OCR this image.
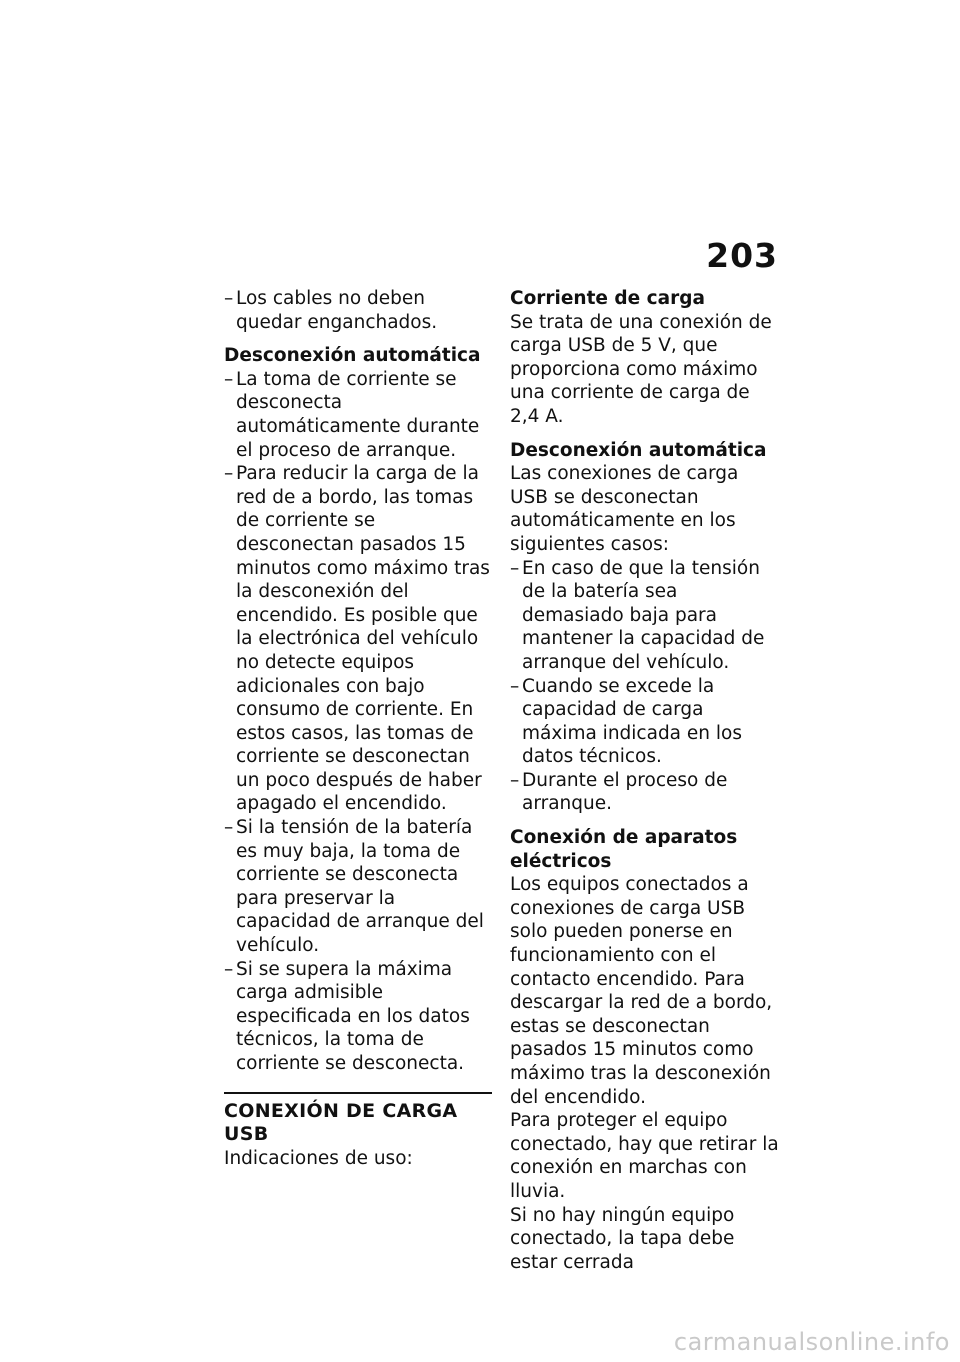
203
– Los cables no deben quedar enganchados.
Desconexión automática
– La toma de corriente se desconecta automáticamente durante el proceso de arranque.
– Para reducir la carga de la red de a bordo, las tomas de corriente se desconectan pasados 15 minutos como máximo tras la desconexión del encendido. Es posible que la electrónica del vehículo no detecte equipos adicionales con bajo consumo de corriente. En estos casos, las tomas de corriente se desconectan un poco después de haber apagado el encendido.
– Si la tensión de la batería es muy baja, la toma de corriente se desconecta para preservar la capacidad de arranque del vehículo.
– Si se supera la máxima carga admisible especificada en los datos técnicos, la toma de corriente se desconecta.
CONEXIÓN DE CARGA USB
Indicaciones de uso:
Corriente de carga
Se trata de una conexión de carga USB de 5 V, que proporciona como máximo una corriente de carga de 2,4 A.
Desconexión automática
Las conexiones de carga USB se desconectan automáticamente en los siguientes casos:
– En caso de que la tensión de la batería sea demasiado baja para mantener la capacidad de arranque del vehículo.
– Cuando se excede la capacidad de carga máxima indicada en los datos técnicos.
– Durante el proceso de arranque.
Conexión de aparatos eléctricos
Los equipos conectados a conexiones de carga USB solo pueden ponerse en funcionamiento con el contacto encendido. Para descargar la red de a bordo, estas se desconectan pasados 15 minutos como máximo tras la desconexión del encendido.
Para proteger el equipo conectado, hay que retirar la conexión en marchas con lluvia.
Si no hay ningún equipo conectado, la tapa debe estar cerrada
carmanualsonline.info
